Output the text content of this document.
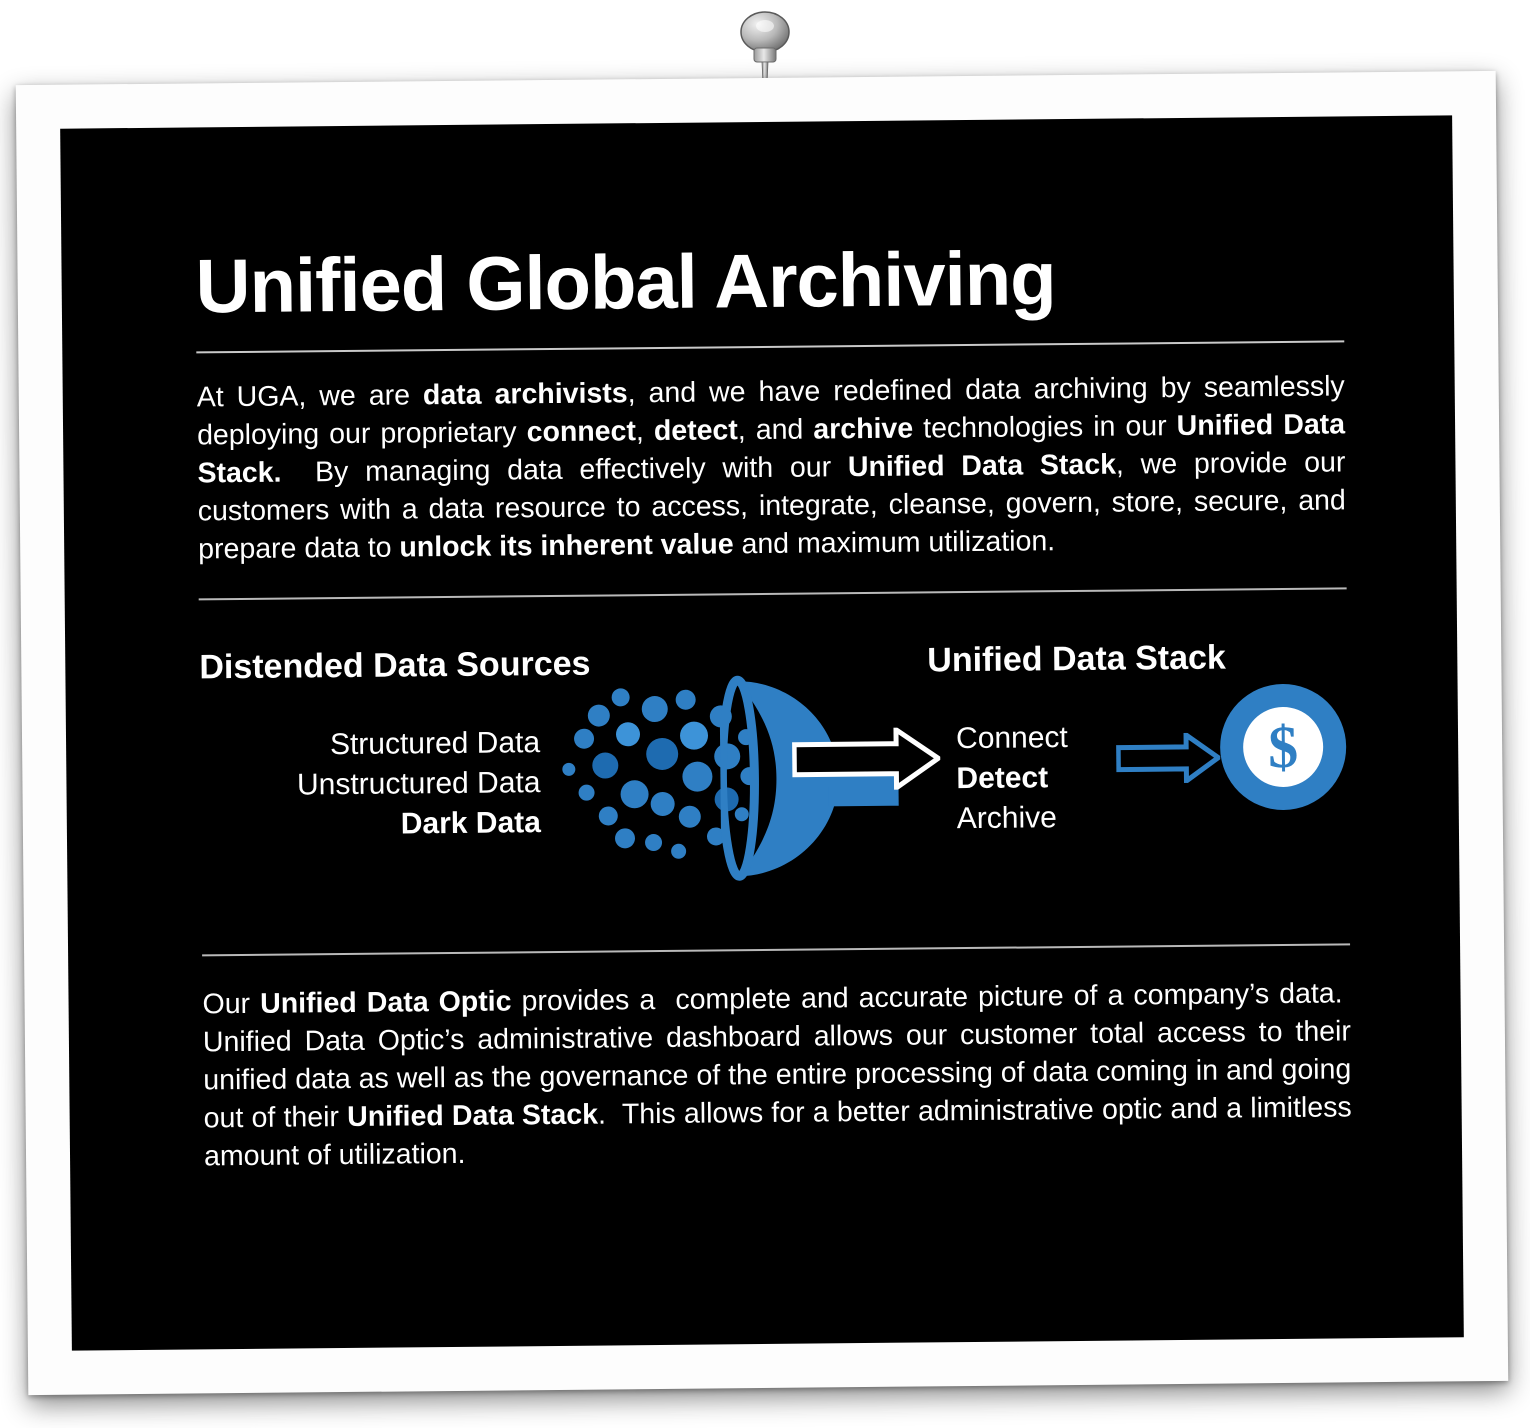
Unified Global Archiving

At UGA, we are data archivists, and we have redefined data archiving by seamlessly deploying our proprietary connect, detect, and archive technologies in our Unified Data Stack.  By managing data effectively with our Unified Data Stack, we provide our customers with a data resource to access, integrate, cleanse, govern, store, secure, and prepare data to unlock its inherent value and maximum utilization.

Distended Data Sources	Unified Data Stack
Structured Data
Unstructured Data
Dark Data
Connect
Detect
Archive
$

Our Unified Data Optic provides a  complete and accurate picture of a company’s data.  Unified Data Optic’s administrative dashboard allows our customer total access to their unified data as well as the governance of the entire processing of data coming in and going out of their Unified Data Stack.  This allows for a better administrative optic and a limitless amount of utilization.
